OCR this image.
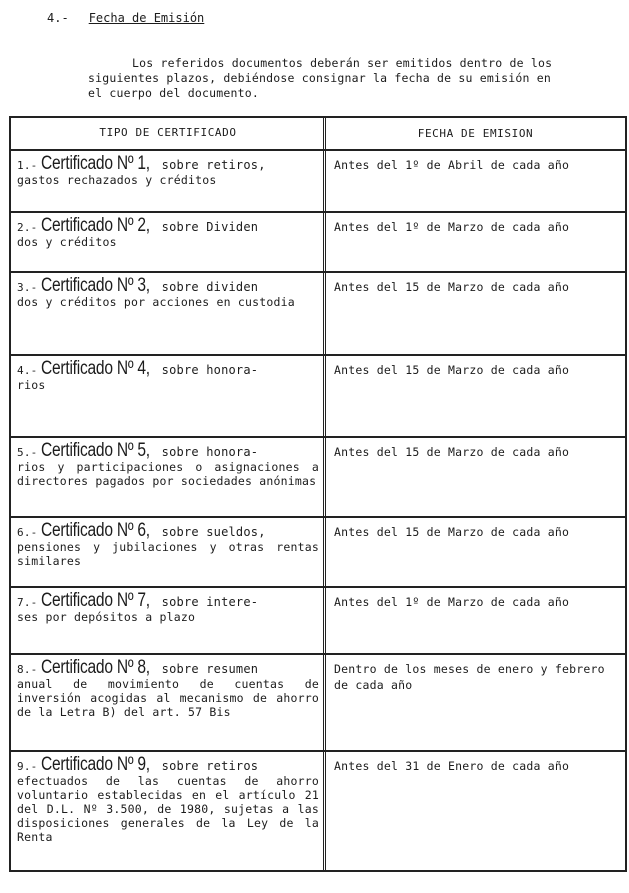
4.- Fecha de Emisión
Los referidos documentos deberán ser emitidos dentro de los
siguientes plazos, debiéndose consignar la fecha de su emisión en
el cuerpo del documento.
TIPO DE CERTIFICADO	FECHA DE EMISION
1.- Certificado Nº 1, sobre retiros,
gastos rechazados y créditos
Antes del 1º de Abril de cada año
2.- Certificado Nº 2, sobre Dividen
dos y créditos
Antes del 1º de Marzo de cada año
3.- Certificado Nº 3, sobre dividen
dos y créditos por acciones en custodia
Antes del 15 de Marzo de cada año
4.- Certificado Nº 4, sobre honora-
rios
Antes del 15 de Marzo de cada año
5.- Certificado Nº 5, sobre honora-
rios y participaciones o asignaciones a directores pagados por sociedades anónimas
Antes del 15 de Marzo de cada año
6.- Certificado Nº 6, sobre sueldos,
pensiones y jubilaciones y otras rentas similares
Antes del 15 de Marzo de cada año
7.- Certificado Nº 7, sobre intere-
ses por depósitos a plazo
Antes del 1º de Marzo de cada año
8.- Certificado Nº 8, sobre resumen
anual de movimiento de cuentas de inversión acogidas al mecanismo de ahorro de la Letra B) del art. 57 Bis
Dentro de los meses de enero y febrero de cada año
9.- Certificado Nº 9, sobre retiros
efectuados de las cuentas de ahorro voluntario establecidas en el artículo 21 del D.L. Nº 3.500, de 1980, sujetas a las disposiciones generales de la Ley de la Renta
Antes del 31 de Enero de cada año
